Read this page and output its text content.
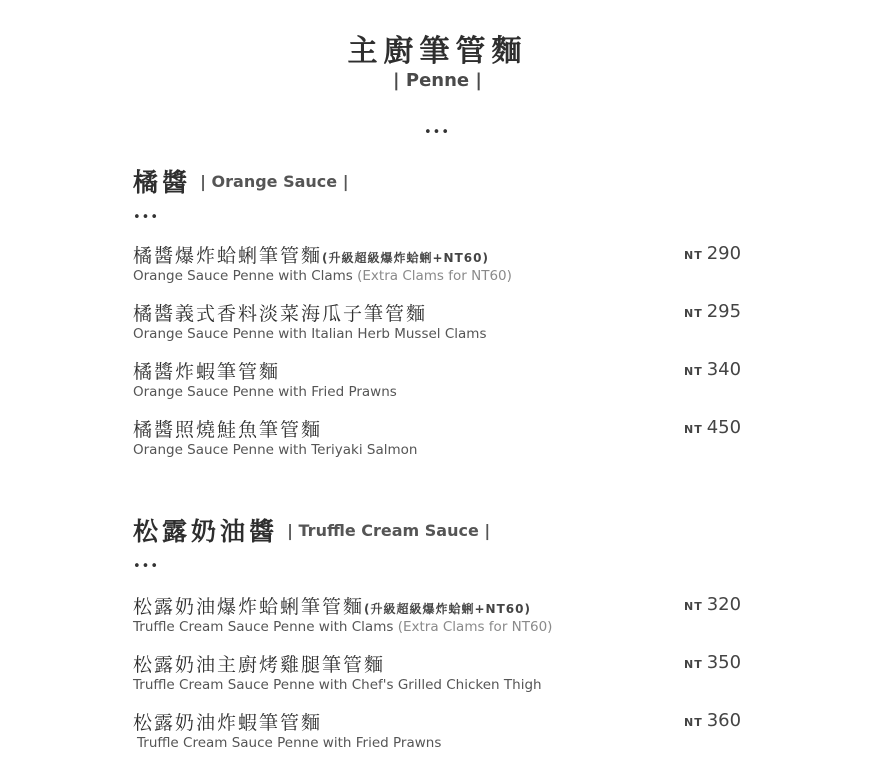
主廚筆管麵
| Penne |
•••
橘醬 | Orange Sauce |
•••
橘醬爆炸蛤蜊筆管麵(升級超級爆炸蛤蜊+NT60)
Orange Sauce Penne with Clams (Extra Clams for NT60)
NT 290
橘醬義式香料淡菜海瓜子筆管麵
Orange Sauce Penne with Italian Herb Mussel Clams
NT 295
橘醬炸蝦筆管麵
Orange Sauce Penne with Fried Prawns
NT 340
橘醬照燒鮭魚筆管麵
Orange Sauce Penne with Teriyaki Salmon
NT 450
松露奶油醬 | Truffle Cream Sauce |
•••
松露奶油爆炸蛤蜊筆管麵(升級超級爆炸蛤蜊+NT60)
Truffle Cream Sauce Penne with Clams (Extra Clams for NT60)
NT 320
松露奶油主廚烤雞腿筆管麵
Truffle Cream Sauce Penne with Chef's Grilled Chicken Thigh
NT 350
松露奶油炸蝦筆管麵
Truffle Cream Sauce Penne with Fried Prawns
NT 360
